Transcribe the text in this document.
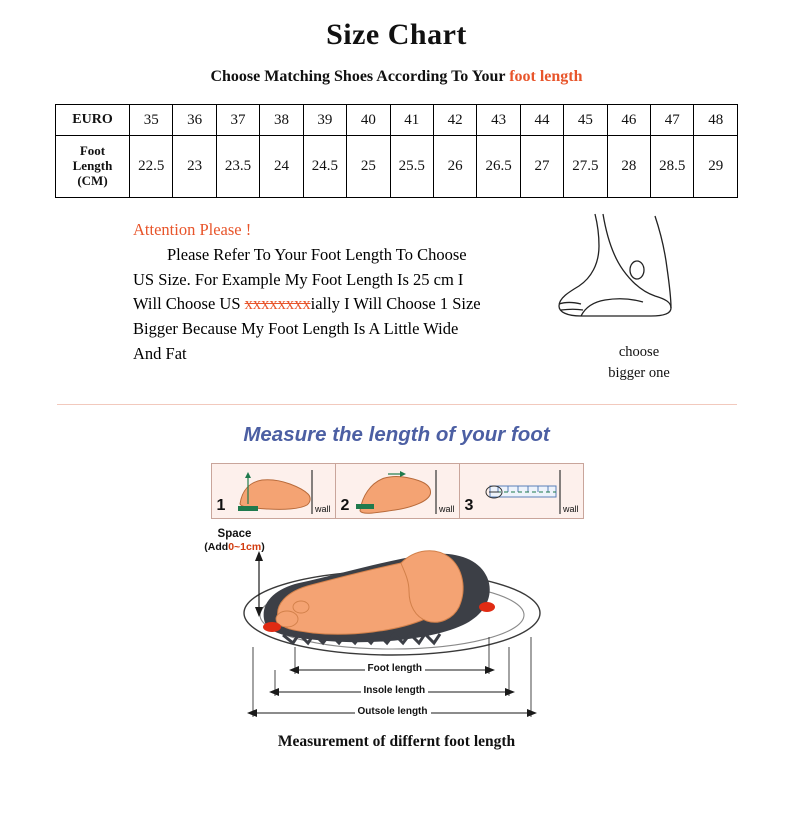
Size Chart
Choose Matching Shoes According To Your foot length
EURO	35	36	37	38	39	40	41	42	43	44	45	46	47	48

Foot
Length
(CM)	22.5	23	23.5	24	24.5	25	25.5	26	26.5	27	27.5	28	28.5	29

Attention Please !

Please Refer To Your Foot Length To Choose

US Size. For Example My Foot Length Is 25 cm I

Will Choose US xxxxxxxxially I Will Choose 1 Size

Bigger Because My Foot Length Is A Little Wide

And Fat	choose
bigger one
Measure the length of your foot
1	wall 2	wall 3	wall
Space
(Add0~1cm)
Foot length
Insole length
Outsole length
Measurement of differnt foot length
